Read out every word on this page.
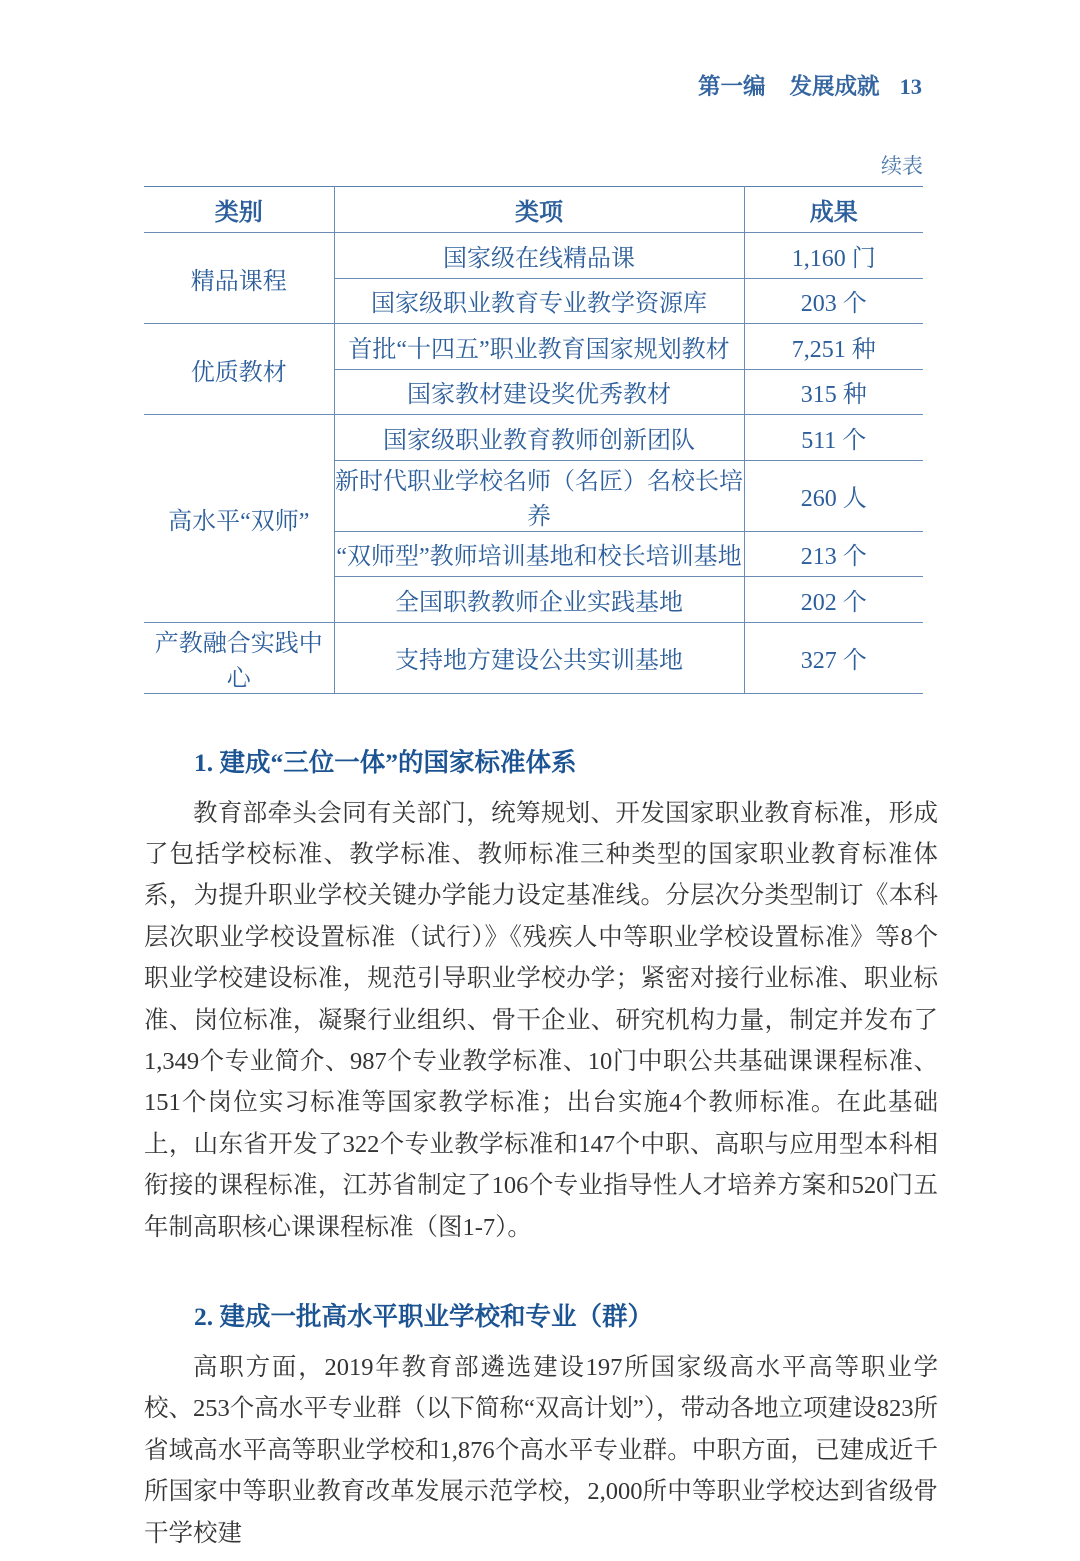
第一编 发展成就 13
续表
类别	类项	成果
精品课程	国家级在线精品课	1,160 门
	国家级职业教育专业教学资源库	203 个
优质教材	首批“十四五”职业教育国家规划教材	7,251 种
	国家教材建设奖优秀教材	315 种
高水平“双师”	国家级职业教育教师创新团队	511 个
	新时代职业学校名师（名匠）名校长培养	260 人
	“双师型”教师培训基地和校长培训基地	213 个
	全国职教教师企业实践基地	202 个
产教融合实践中心	支持地方建设公共实训基地	327 个
1. 建成“三位一体”的国家标准体系

教育部牵头会同有关部门，统筹规划、开发国家职业教育标准，形成了包括学校标准、教学标准、教师标准三种类型的国家职业教育标准体系，为提升职业学校关键办学能力设定基准线。分层次分类型制订《本科层次职业学校设置标准（试行）》《残疾人中等职业学校设置标准》等8个职业学校建设标准，规范引导职业学校办学；紧密对接行业标准、职业标准、岗位标准，凝聚行业组织、骨干企业、研究机构力量，制定并发布了1,349个专业简介、987个专业教学标准、10门中职公共基础课课程标准、151个岗位实习标准等国家教学标准；出台实施4个教师标准。在此基础上，山东省开发了322个专业教学标准和147个中职、高职与应用型本科相衔接的课程标准，江苏省制定了106个专业指导性人才培养方案和520门五年制高职核心课课程标准（图1-7）。

2. 建成一批高水平职业学校和专业（群）

高职方面，2019年教育部遴选建设197所国家级高水平高等职业学校、253个高水平专业群（以下简称“双高计划”），带动各地立项建设823所省域高水平高等职业学校和1,876个高水平专业群。中职方面，已建成近千所国家中等职业教育改革发展示范学校，2,000所中等职业学校达到省级骨干学校建
